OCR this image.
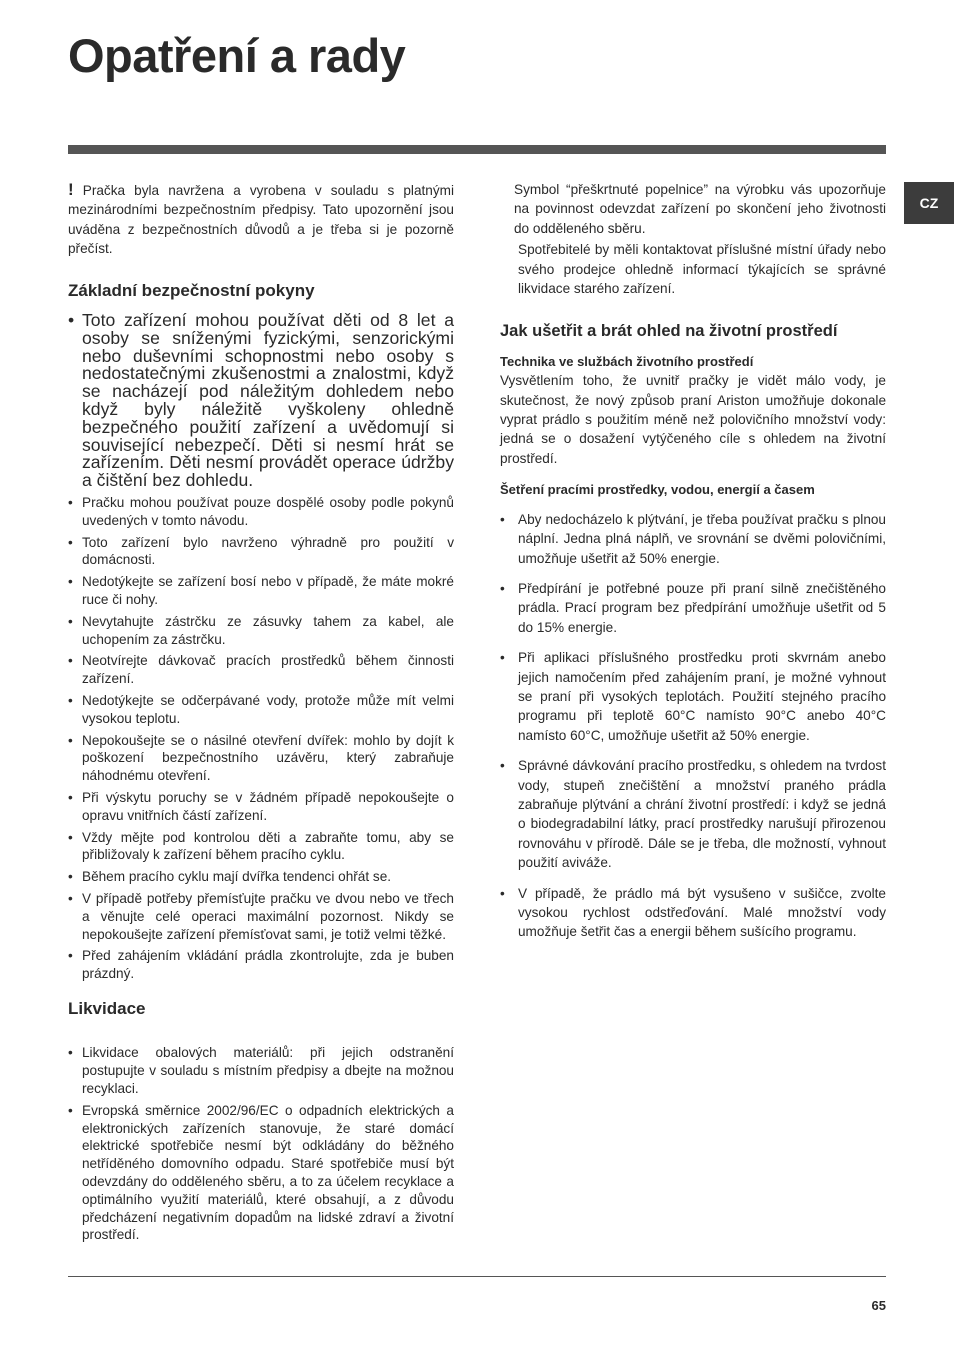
Opatření a rady
CZ

! Pračka byla navržena a vyrobena v souladu s platnými mezinárodními bezpečnostním předpisy. Tato upozornění jsou uváděna z bezpečnostních důvodů a je třeba si je pozorně přečíst.

Základní bezpečnostní pokyny
• Toto zařízení mohou používat děti od 8 let a osoby se sníženými fyzickými, senzorickými nebo duševními schopnostmi nebo osoby s nedostatečnými zkušenostmi a znalostmi, když se nacházejí pod náležitým dohledem nebo když byly náležitě vyškoleny ohledně bezpečného použití zařízení a uvědomují si související nebezpečí. Děti si nesmí hrát se zařízením. Děti nesmí provádět operace údržby a čištění bez dohledu.
• Pračku mohou používat pouze dospělé osoby podle pokynů uvedených v tomto návodu.
• Toto zařízení bylo navrženo výhradně pro použití v domácnosti.
• Nedotýkejte se zařízení bosí nebo v případě, že máte mokré ruce či nohy.
• Nevytahujte zástrčku ze zásuvky tahem za kabel, ale uchopením za zástrčku.
• Neotvírejte dávkovač pracích prostředků během činnosti zařízení.
• Nedotýkejte se odčerpávané vody, protože může mít velmi vysokou teplotu.
• Nepokoušejte se o násilné otevření dvířek: mohlo by dojít k poškození bezpečnostního uzávěru, který zabraňuje náhodnému otevření.
• Při výskytu poruchy se v žádném případě nepokoušejte o opravu vnitřních částí zařízení.
• Vždy mějte pod kontrolou děti a zabraňte tomu, aby se přibližovaly k zařízení během pracího cyklu.
• Během pracího cyklu mají dvířka tendenci ohřát se.
• V případě potřeby přemísťujte pračku ve dvou nebo ve třech a věnujte celé operaci maximální pozornost. Nikdy se nepokoušejte zařízení přemísťovat sami, je totiž velmi těžké.
• Před zahájením vkládání prádla zkontrolujte, zda je buben prázdný.
Likvidace
• Likvidace obalových materiálů: při jejich odstranění postupujte v souladu s místním předpisy a dbejte na možnou recyklaci.
• Evropská směrnice 2002/96/EC o odpadních elektrických a elektronických zařízeních stanovuje, že staré domácí elektrické spotřebiče nesmí být odkládány do běžného netříděného domovního odpadu. Staré spotřebiče musí být odevzdány do odděleného sběru, a to za účelem recyklace a optimálního využití materiálů, které obsahují, a z důvodu předcházení negativním dopadům na lidské zdraví a životní prostředí.

Symbol “přeškrtnuté popelnice” na výrobku vás upozorňuje na povinnost odevzdat zařízení po skončení jeho životnosti do odděleného sběru.

Spotřebitelé by měli kontaktovat příslušné místní úřady nebo svého prodejce ohledně informací týkajících se správné likvidace starého zařízení.

Jak ušetřit a brát ohled na životní prostředí
Technika ve službách životního prostředí

Vysvětlením toho, že uvnitř pračky je vidět málo vody, je skutečnost, že nový způsob praní Ariston umožňuje dokonale vyprat prádlo s použitím méně než polovičního množství vody: jedná se o dosažení vytýčeného cíle s ohledem na životní prostředí.

Šetření pracími prostředky, vodou, energií a časem
• Aby nedocházelo k plýtvání, je třeba používat pračku s plnou náplní. Jedna plná náplň, ve srovnání se dvěmi polovičními, umožňuje ušetřit až 50% energie.
• Předpírání je potřebné pouze při praní silně znečištěného prádla. Prací program bez předpírání umožňuje ušetřit od 5 do 15% energie.
• Při aplikaci příslušného prostředku proti skvrnám anebo jejich namočením před zahájením praní, je možné vyhnout se praní při vysokých teplotách. Použití stejného pracího programu při teplotě 60°C namísto 90°C anebo 40°C namísto 60°C, umožňuje ušetřit až 50% energie.
• Správné dávkování pracího prostředku, s ohledem na tvrdost vody, stupeň znečištění a množství praného prádla zabraňuje plýtvání a chrání životní prostředí: i když se jedná o biodegradabilní látky, prací prostředky narušují přirozenou rovnováhu v přírodě. Dále se je třeba, dle možností, vyhnout použití aviváže.
• V případě, že prádlo má být vysušeno v sušičce, zvolte vysokou rychlost odstřeďování. Malé množství vody umožňuje šetřit čas a energii během sušícího programu.
65
